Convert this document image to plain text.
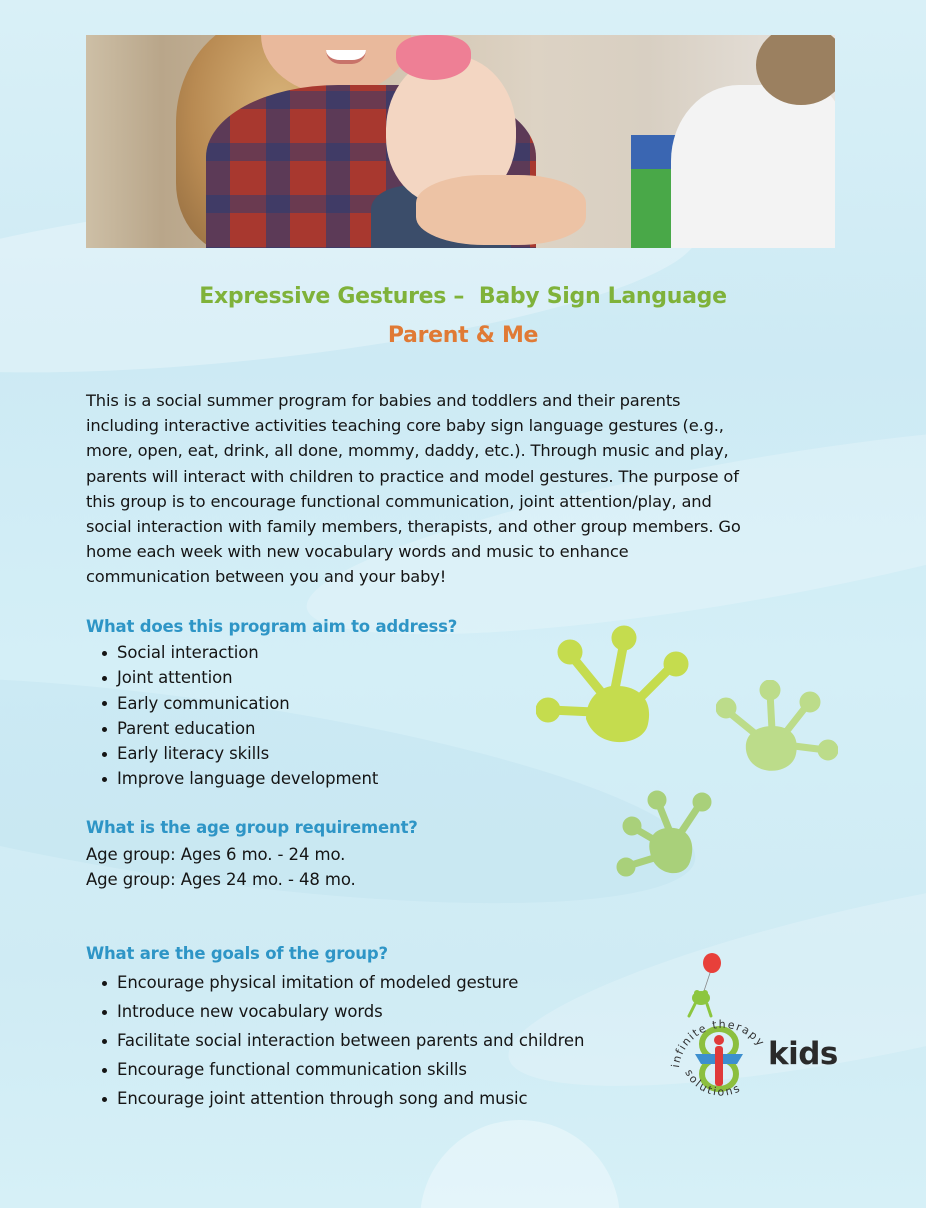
Expressive Gestures –  Baby Sign Language
Parent & Me
This is a social summer program for babies and toddlers and their parents
including interactive activities teaching core baby sign language gestures (e.g.,
more, open, eat, drink, all done, mommy, daddy, etc.). Through music and play,
parents will interact with children to practice and model gestures. The purpose of
this group is to encourage functional communication, joint attention/play, and
social interaction with family members, therapists, and other group members. Go
home each week with new vocabulary words and music to enhance
communication between you and your baby!
What does this program aim to address?
Social interaction
Joint attention
Early communication
Parent education
Early literacy skills
Improve language development
What is the age group requirement?
Age group: Ages 6 mo. - 24 mo.
Age group: Ages 24 mo. - 48 mo.
What are the goals of the group?
Encourage physical imitation of modeled gesture
Introduce new vocabulary words
Facilitate social interaction between parents and children
Encourage functional communication skills
Encourage joint attention through song and music
infinite therapy
solutions
kids
